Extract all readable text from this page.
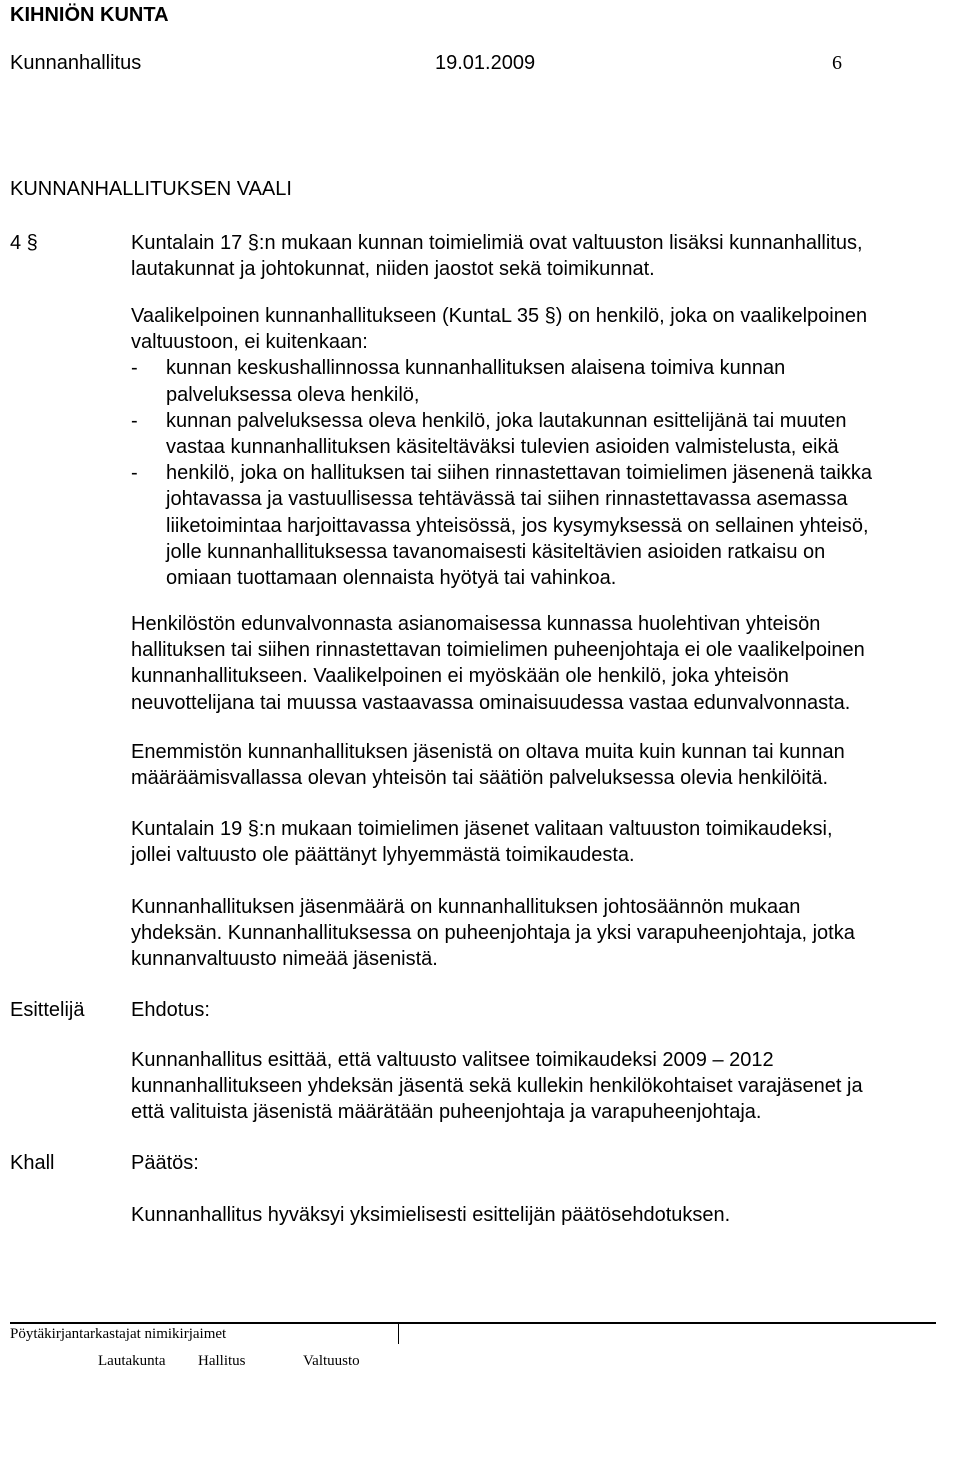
KIHNIÖN KUNTA
Kunnanhallitus	19.01.2009	6
KUNNANHALLITUKSEN VAALI
4 §	Kuntalain 17 §:n mukaan kunnan toimielimiä ovat valtuuston lisäksi kunnanhallitus,

lautakunnat ja johtokunnat, niiden jaostot sekä toimikunnat.

Vaalikelpoinen kunnanhallitukseen (KuntaL 35 §) on henkilö, joka on vaalikelpoinen

valtuustoon, ei kuitenkaan:

- kunnan keskushallinnossa kunnanhallituksen alaisena toimiva kunnan

palveluksessa oleva henkilö,

- kunnan palveluksessa oleva henkilö, joka lautakunnan esittelijänä tai muuten

vastaa kunnanhallituksen käsiteltäväksi tulevien asioiden valmistelusta, eikä

- henkilö, joka on hallituksen tai siihen rinnastettavan toimielimen jäsenenä taikka

johtavassa ja vastuullisessa tehtävässä tai siihen rinnastettavassa asemassa

liiketoimintaa harjoittavassa yhteisössä, jos kysymyksessä on sellainen yhteisö,

jolle kunnanhallituksessa tavanomaisesti käsiteltävien asioiden ratkaisu on

omiaan tuottamaan olennaista hyötyä tai vahinkoa.

Henkilöstön edunvalvonnasta asianomaisessa kunnassa huolehtivan yhteisön

hallituksen tai siihen rinnastettavan toimielimen puheenjohtaja ei ole vaalikelpoinen

kunnanhallitukseen. Vaalikelpoinen ei myöskään ole henkilö, joka yhteisön

neuvottelijana tai muussa vastaavassa ominaisuudessa vastaa edunvalvonnasta.

Enemmistön kunnanhallituksen jäsenistä on oltava muita kuin kunnan tai kunnan

määräämisvallassa olevan yhteisön tai säätiön palveluksessa olevia henkilöitä.

Kuntalain 19 §:n mukaan toimielimen jäsenet valitaan valtuuston toimikaudeksi,

jollei valtuusto ole päättänyt lyhyemmästä toimikaudesta.

Kunnanhallituksen jäsenmäärä on kunnanhallituksen johtosäännön mukaan

yhdeksän. Kunnanhallituksessa on puheenjohtaja ja yksi varapuheenjohtaja, jotka

kunnanvaltuusto nimeää jäsenistä.

Esittelijä Ehdotus:

Kunnanhallitus esittää, että valtuusto valitsee toimikaudeksi 2009 – 2012

kunnanhallitukseen yhdeksän jäsentä sekä kullekin henkilökohtaiset varajäsenet ja

että valituista jäsenistä määrätään puheenjohtaja ja varapuheenjohtaja.

Khall	Päätös:
Kunnanhallitus hyväksyi yksimielisesti esittelijän päätösehdotuksen.
Pöytäkirjantarkastajat nimikirjaimet
Lautakunta Hallitus	Valtuusto
